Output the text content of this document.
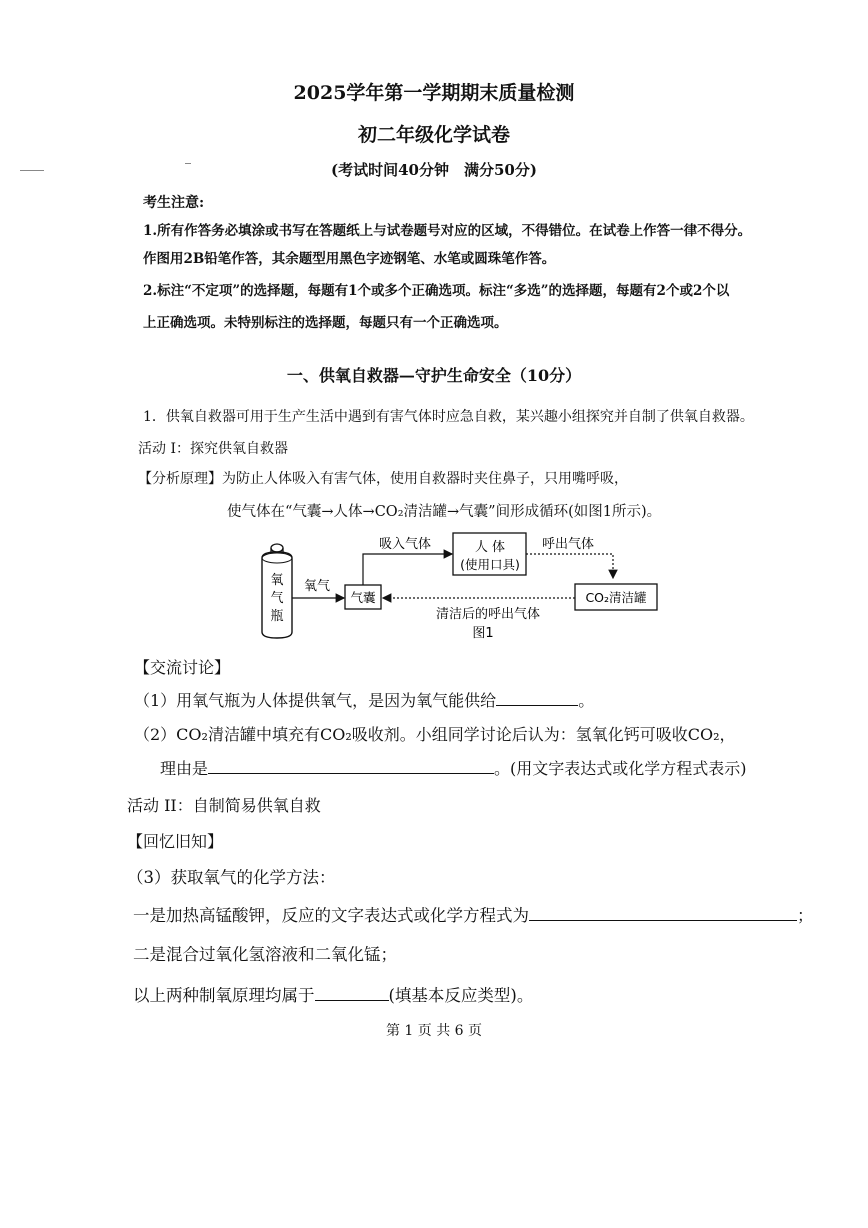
2025学年第一学期期末质量检测
初二年级化学试卷
(考试时间40分钟　满分50分)
考生注意:
1.所有作答务必填涂或书写在答题纸上与试卷题号对应的区域，不得错位。在试卷上作答一律不得分。
作图用2B铅笔作答，其余题型用黑色字迹钢笔、水笔或圆珠笔作答。
2.标注“不定项”的选择题，每题有1个或多个正确选项。标注“多选”的选择题，每题有2个或2个以
上正确选项。未特别标注的选择题，每题只有一个正确选项。
一、供氧自救器—守护生命安全（10分）
1．供氧自救器可用于生产生活中遇到有害气体时应急自救，某兴趣小组探究并自制了供氧自救器。
活动 I：探究供氧自救器
【分析原理】为防止人体吸入有害气体，使用自救器时夹住鼻子，只用嘴呼吸，
使气体在“气囊→人体→CO₂清洁罐→气囊”间形成循环(如图1所示)。
氧
气
瓶
氧气
气囊
吸入气体	人 体
(使用口具)
呼出气体
CO₂清洁罐
清洁后的呼出气体
图1
【交流讨论】
（1）用氧气瓶为人体提供氧气，是因为氧气能供给	。
（2）CO₂清洁罐中填充有CO₂吸收剂。小组同学讨论后认为：氢氧化钙可吸收CO₂，
理由是	。(用文字表达式或化学方程式表示)
活动 II：自制简易供氧自救
【回忆旧知】
（3）获取氧气的化学方法：
一是加热高锰酸钾，反应的文字表达式或化学方程式为	；
二是混合过氧化氢溶液和二氧化锰；
以上两种制氧原理均属于	(填基本反应类型)。
第 1 页 共 6 页
